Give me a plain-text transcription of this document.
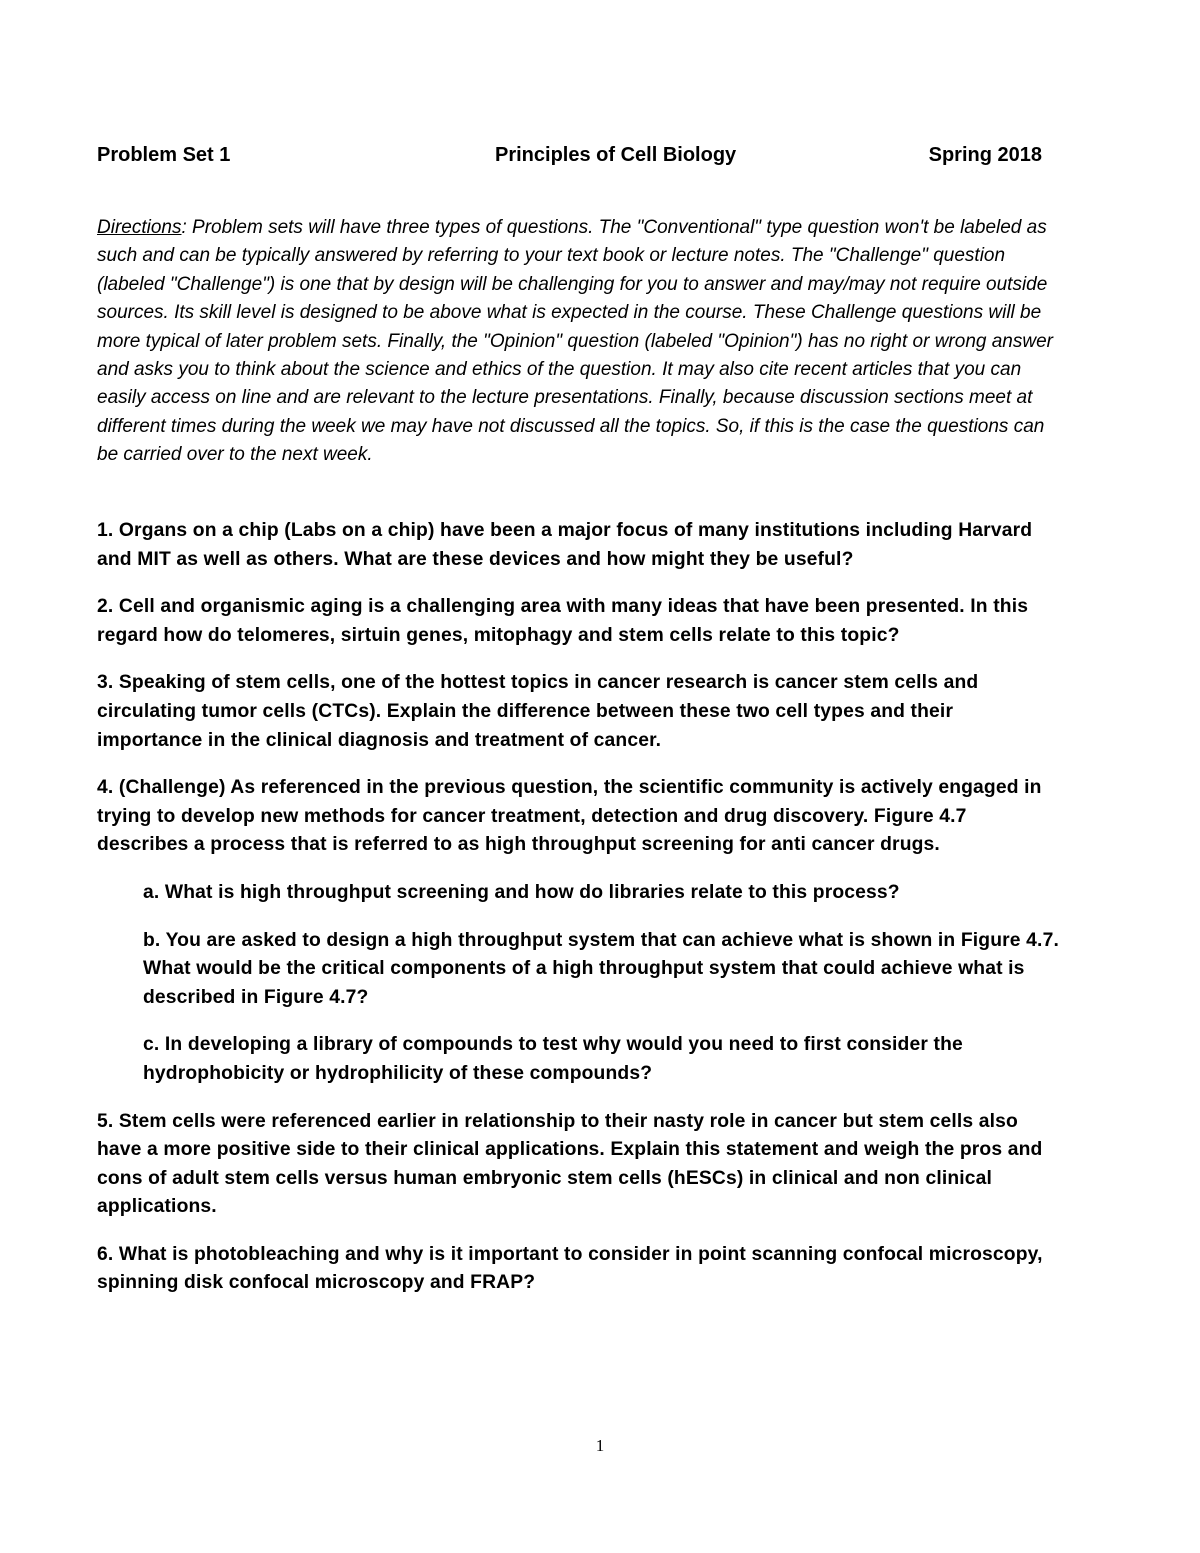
Problem Set 1	Principles of Cell Biology	Spring 2018
Directions: Problem sets will have three types of questions. The "Conventional" type question won't be labeled as such and can be typically answered by referring to your text book or lecture notes. The "Challenge" question (labeled "Challenge") is one that by design will be challenging for you to answer and may/may not require outside sources. Its skill level is designed to be above what is expected in the course. These Challenge questions will be more typical of later problem sets. Finally, the "Opinion" question (labeled "Opinion") has no right or wrong answer and asks you to think about the science and ethics of the question. It may also cite recent articles that you can easily access on line and are relevant to the lecture presentations. Finally, because discussion sections meet at different times during the week we may have not discussed all the topics. So, if this is the case the questions can be carried over to the next week.

1. Organs on a chip (Labs on a chip) have been a major focus of many institutions including Harvard and MIT as well as others. What are these devices and how might they be useful?

2. Cell and organismic aging is a challenging area with many ideas that have been presented. In this regard how do telomeres, sirtuin genes, mitophagy and stem cells relate to this topic?

3. Speaking of stem cells, one of the hottest topics in cancer research is cancer stem cells and circulating tumor cells (CTCs). Explain the difference between these two cell types and their importance in the clinical diagnosis and treatment of cancer.

4. (Challenge) As referenced in the previous question, the scientific community is actively engaged in trying to develop new methods for cancer treatment, detection and drug discovery. Figure 4.7 describes a process that is referred to as high throughput screening for anti cancer drugs.

a. What is high throughput screening and how do libraries relate to this process?

b. You are asked to design a high throughput system that can achieve what is shown in Figure 4.7. What would be the critical components of a high throughput system that could achieve what is described in Figure 4.7?

c. In developing a library of compounds to test why would you need to first consider the hydrophobicity or hydrophilicity of these compounds?

5. Stem cells were referenced earlier in relationship to their nasty role in cancer but stem cells also have a more positive side to their clinical applications. Explain this statement and weigh the pros and cons of adult stem cells versus human embryonic stem cells (hESCs) in clinical and non clinical applications.

6. What is photobleaching and why is it important to consider in point scanning confocal microscopy, spinning disk confocal microscopy and FRAP?

1
